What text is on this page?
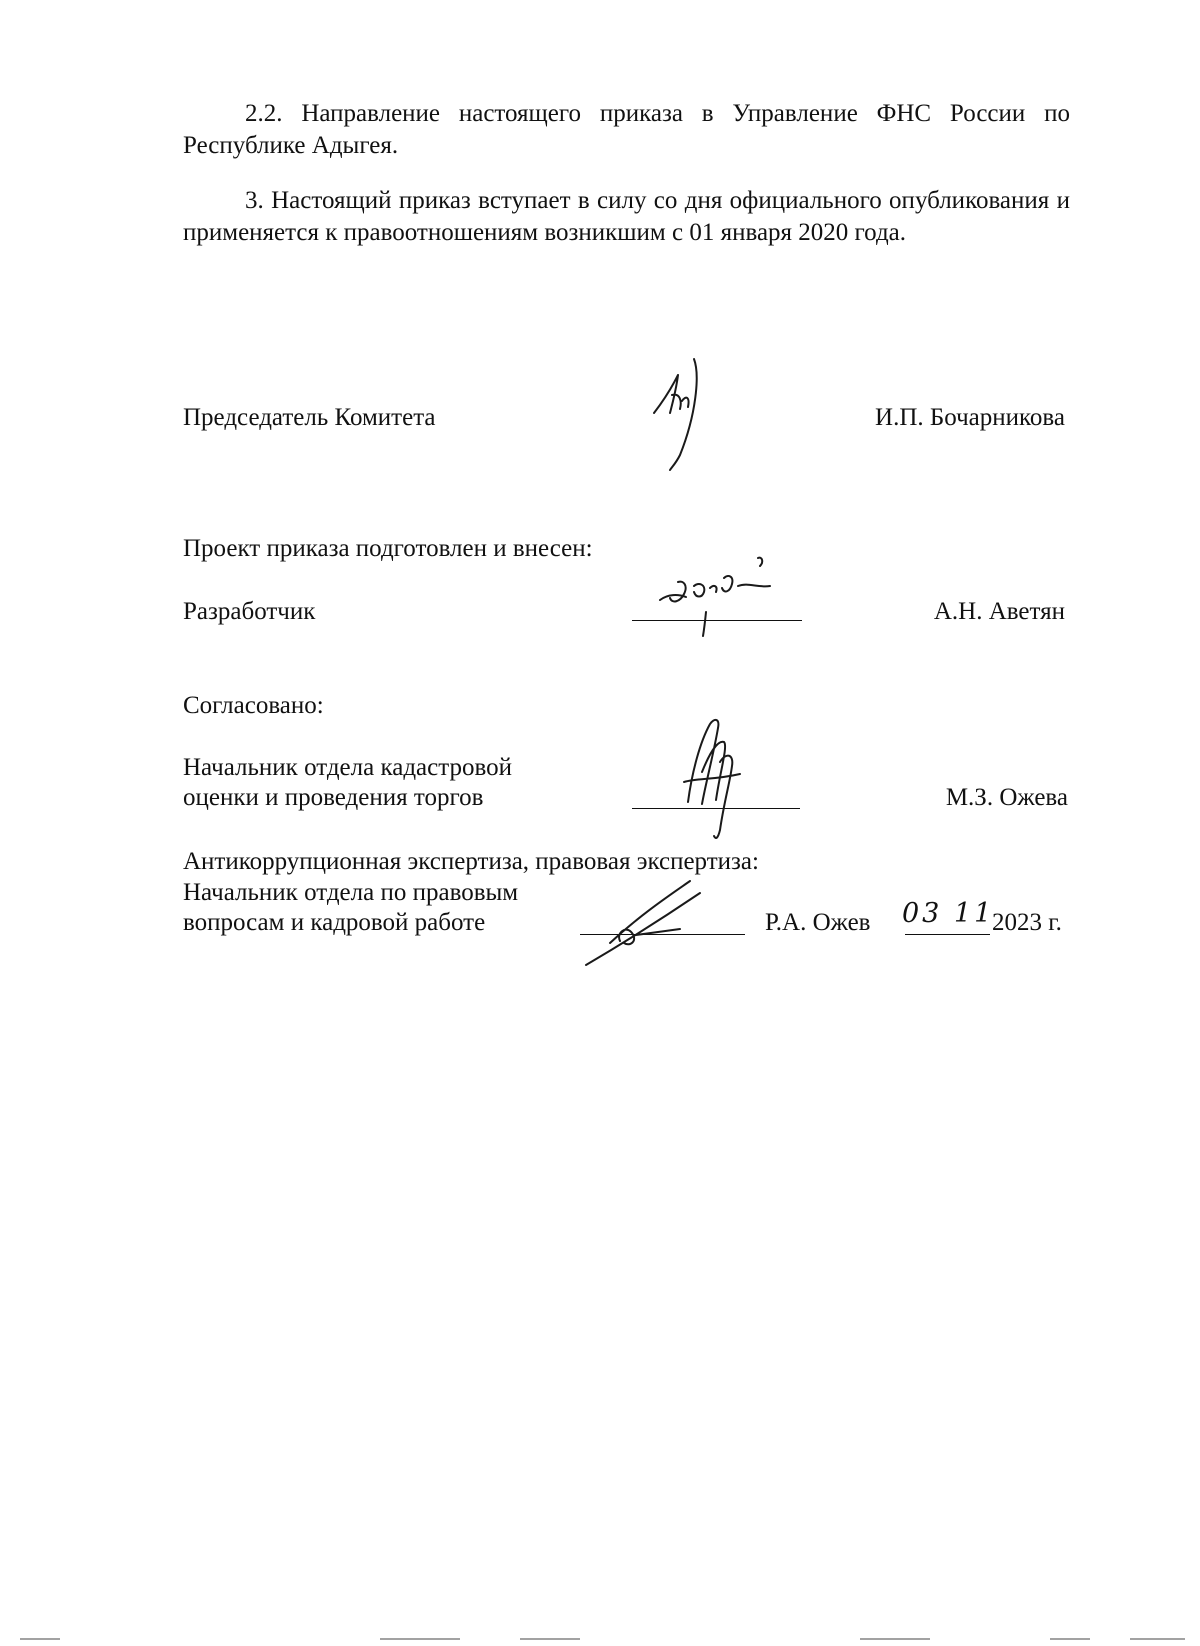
2.2. Направление настоящего приказа в Управление ФНС России по Республике Адыгея.
3. Настоящий приказ вступает в силу со дня официального опубликования и применяется к правоотношениям возникшим с 01 января 2020 года.
Председатель Комитета	И.П. Бочарникова
Проект приказа подготовлен и внесен:
Разработчик	А.Н. Аветян
Согласовано:
Начальник отдела кадастровой
оценки и проведения торгов	М.З. Ожева
Антикоррупционная экспертиза, правовая экспертиза:
Начальник отдела по правовым
вопросам и кадровой работе	Р.А. Ожев 03 11
2023 г.
